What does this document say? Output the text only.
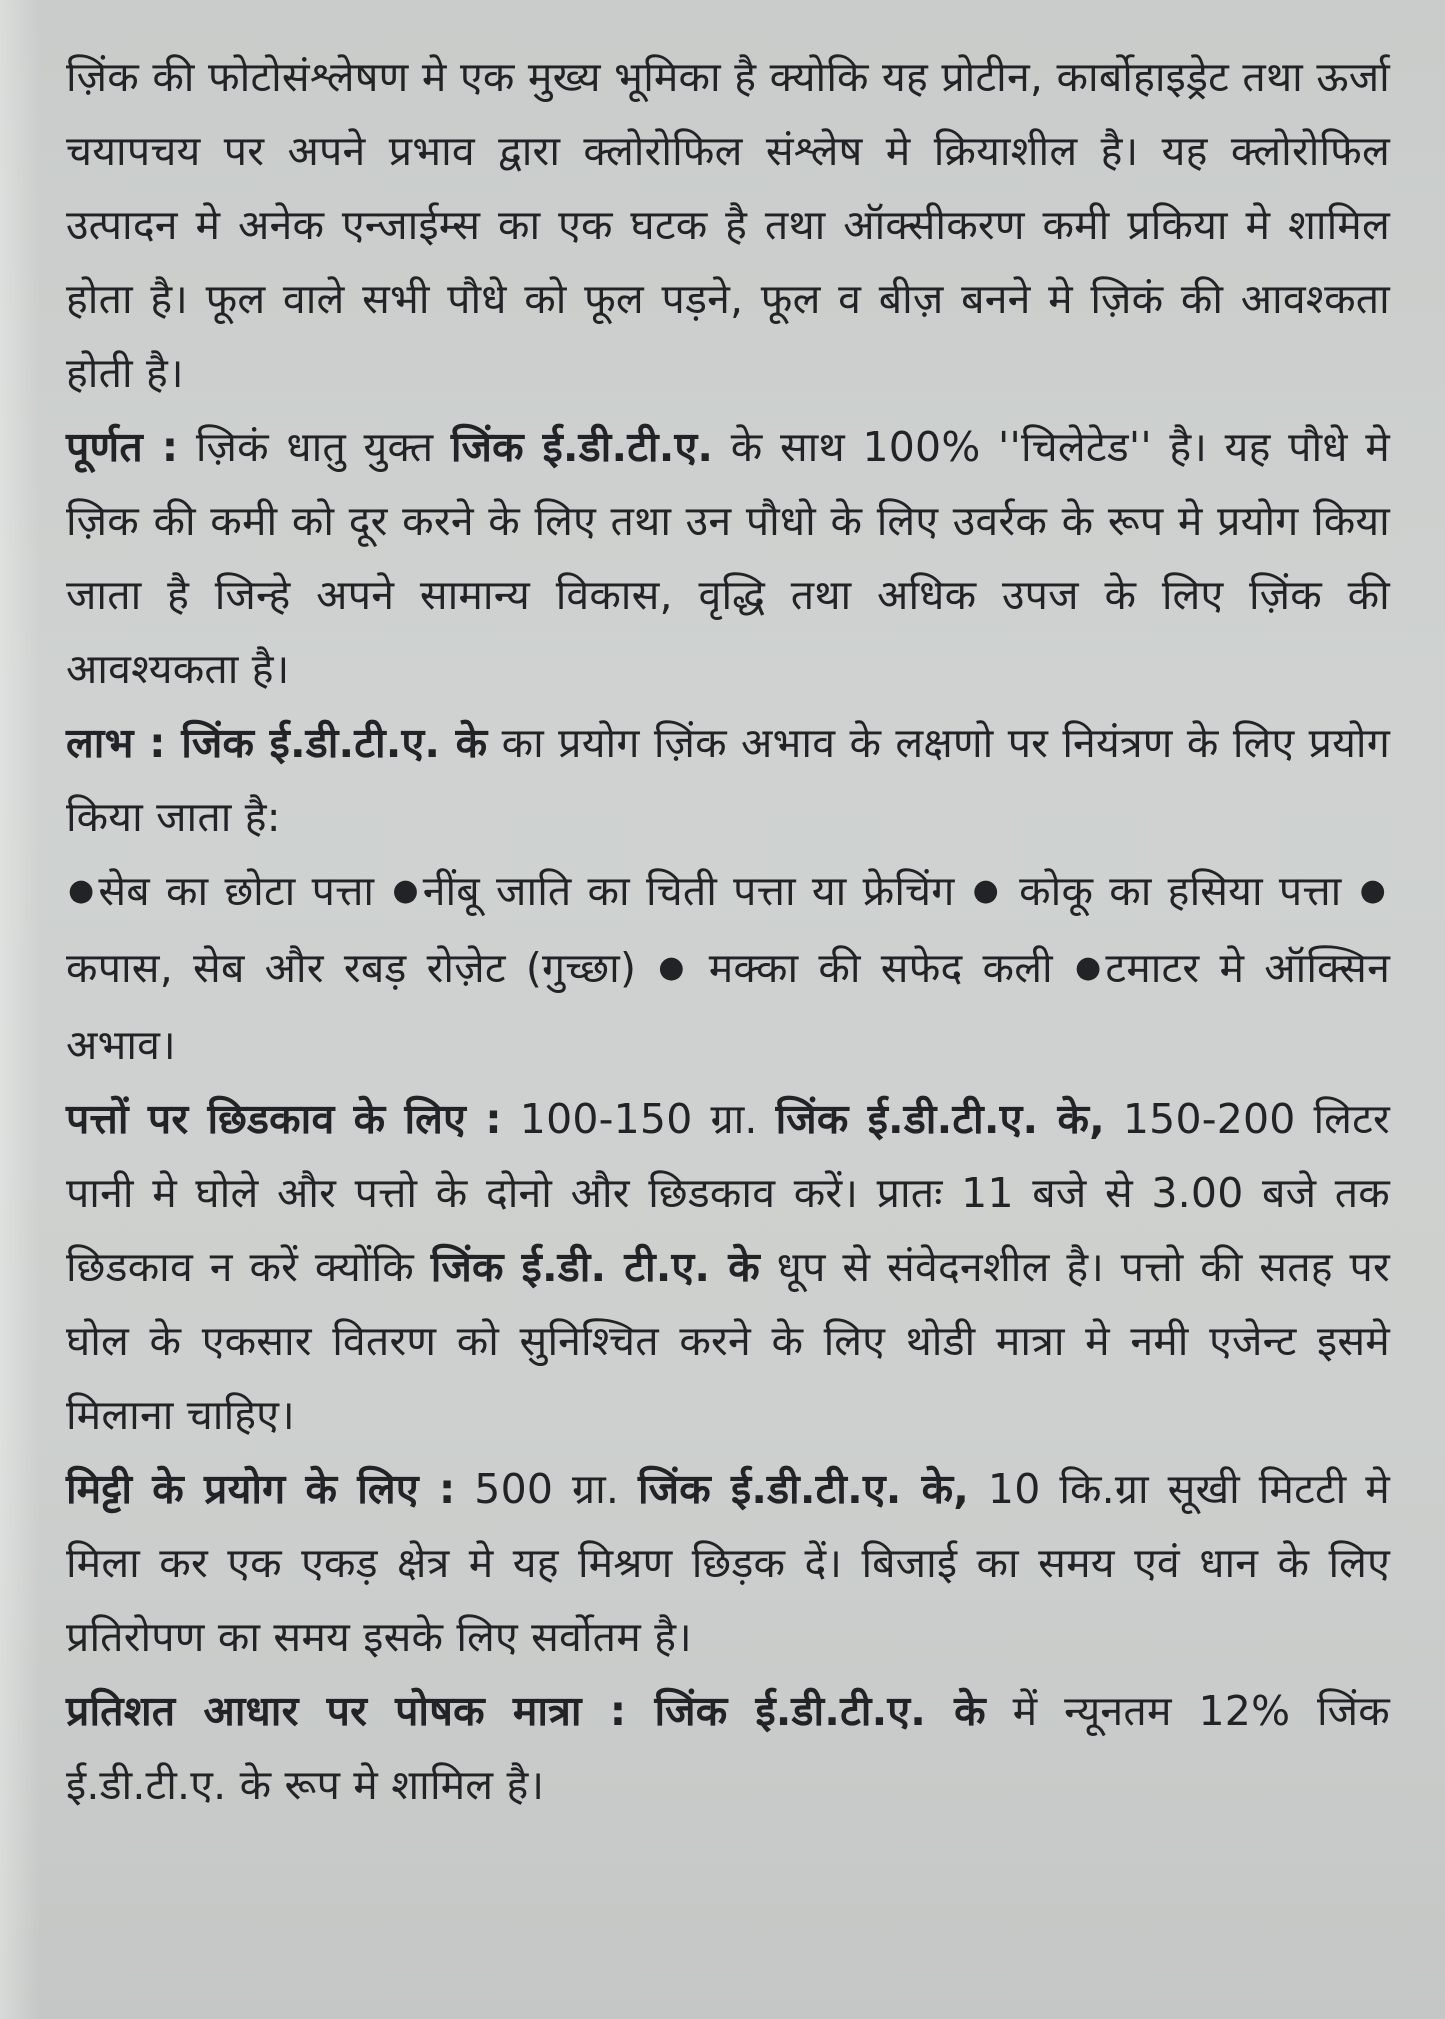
ज़िंक की फोटोसंश्लेषण मे एक मुख्य भूमिका है क्योकि यह प्रोटीन, कार्बोहाइड्रेट तथा ऊर्जा चयापचय पर अपने प्रभाव द्वारा क्लोरोफिल संश्लेष मे क्रियाशील है। यह क्लोरोफिल उत्पादन मे अनेक एन्जाईम्स का एक घटक है तथा ऑक्सीकरण कमी प्रकिया मे शामिल होता है। फूल वाले सभी पौधे को फूल पड़ने, फूल व बीज़ बनने मे ज़िकं की आवश्कता होती है।

पूर्णत : ज़िकं धातु युक्त जिंक ई.डी.टी.ए. के साथ 100% ''चिलेटेड'' है। यह पौधे मे ज़िक की कमी को दूर करने के लिए तथा उन पौधो के लिए उवर्रक के रूप मे प्रयोग किया जाता है जिन्हे अपने सामान्य विकास, वृद्धि तथा अधिक उपज के लिए ज़िंक की आवश्यकता है।

लाभ : जिंक ई.डी.टी.ए. के का प्रयोग ज़िंक अभाव के लक्षणो पर नियंत्रण के लिए प्रयोग किया जाता है:

●सेब का छोटा पत्ता ●नींबू जाति का चिती पत्ता या फ्रेचिंग ● कोकू का हसिया पत्ता ● कपास, सेब और रबड़ रोज़ेट (गुच्छा) ● मक्का की सफेद कली ●टमाटर मे ऑक्सिन अभाव।

पत्तों पर छिडकाव के लिए : 100-150 ग्रा. जिंक ई.डी.टी.ए. के, 150-200 लिटर पानी मे घोले और पत्तो के दोनो और छिडकाव करें। प्रातः 11 बजे से 3.00 बजे तक छिडकाव न करें क्योंकि जिंक ई.डी. टी.ए. के धूप से संवेदनशील है। पत्तो की सतह पर घोल के एकसार वितरण को सुनिश्चित करने के लिए थोडी मात्रा मे नमी एजेन्ट इसमे मिलाना चाहिए।

मिट्टी के प्रयोग के लिए : 500 ग्रा. जिंक ई.डी.टी.ए. के, 10 कि.ग्रा सूखी मिटटी मे मिला कर एक एकड़ क्षेत्र मे यह मिश्रण छिड़क दें। बिजाई का समय एवं धान के लिए प्रतिरोपण का समय इसके लिए सर्वोतम है।

प्रतिशत आधार पर पोषक मात्रा : जिंक ई.डी.टी.ए. के में न्यूनतम 12% जिंक ई.डी.टी.ए. के रूप मे शामिल है।
